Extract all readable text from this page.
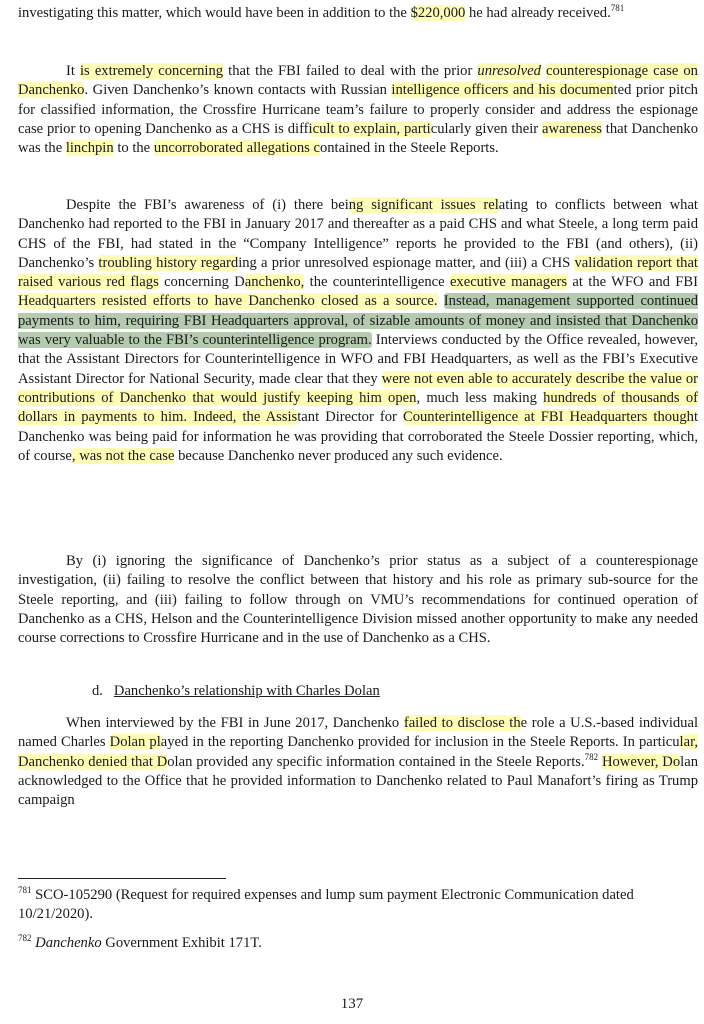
investigating this matter, which would have been in addition to the $220,000 he had already received.$^{781}$

It is extremely concerning that the FBI failed to deal with the prior unresolved counterespionage case on Danchenko. Given Danchenko’s known contacts with Russian intelligence officers and his documented prior pitch for classified information, the Crossfire Hurricane team’s failure to properly consider and address the espionage case prior to opening Danchenko as a CHS is difficult to explain, particularly given their awareness that Danchenko was the linchpin to the uncorroborated allegations contained in the Steele Reports.

Despite the FBI’s awareness of (i) there being significant issues relating to conflicts between what Danchenko had reported to the FBI in January 2017 and thereafter as a paid CHS and what Steele, a long term paid CHS of the FBI, had stated in the “Company Intelligence” reports he provided to the FBI (and others), (ii) Danchenko’s troubling history regarding a prior unresolved espionage matter, and (iii) a CHS validation report that raised various red flags concerning Danchenko, the counterintelligence executive managers at the WFO and FBI Headquarters resisted efforts to have Danchenko closed as a source. Instead, management supported continued payments to him, requiring FBI Headquarters approval, of sizable amounts of money and insisted that Danchenko was very valuable to the FBI’s counterintelligence program. Interviews conducted by the Office revealed, however, that the Assistant Directors for Counterintelligence in WFO and FBI Headquarters, as well as the FBI’s Executive Assistant Director for National Security, made clear that they were not even able to accurately describe the value or contributions of Danchenko that would justify keeping him open, much less making hundreds of thousands of dollars in payments to him. Indeed, the Assistant Director for Counterintelligence at FBI Headquarters thought Danchenko was being paid for information he was providing that corroborated the Steele Dossier reporting, which, of course, was not the case because Danchenko never produced any such evidence.

By (i) ignoring the significance of Danchenko’s prior status as a subject of a counterespionage investigation, (ii) failing to resolve the conflict between that history and his role as primary sub-source for the Steele reporting, and (iii) failing to follow through on VMU’s recommendations for continued operation of Danchenko as a CHS, Helson and the Counterintelligence Division missed another opportunity to make any needed course corrections to Crossfire Hurricane and in the use of Danchenko as a CHS.

d. Danchenko’s relationship with Charles Dolan

When interviewed by the FBI in June 2017, Danchenko failed to disclose the role a U.S.-based individual named Charles Dolan played in the reporting Danchenko provided for inclusion in the Steele Reports. In particular, Danchenko denied that Dolan provided any specific information contained in the Steele Reports.$^{782}$ However, Dolan acknowledged to the Office that he provided information to Danchenko related to Paul Manafort’s firing as Trump campaign

$^{781}$ SCO-105290 (Request for required expenses and lump sum payment Electronic Communication dated 10/21/2020).

$^{782}$ Danchenko Government Exhibit 171T.

137
